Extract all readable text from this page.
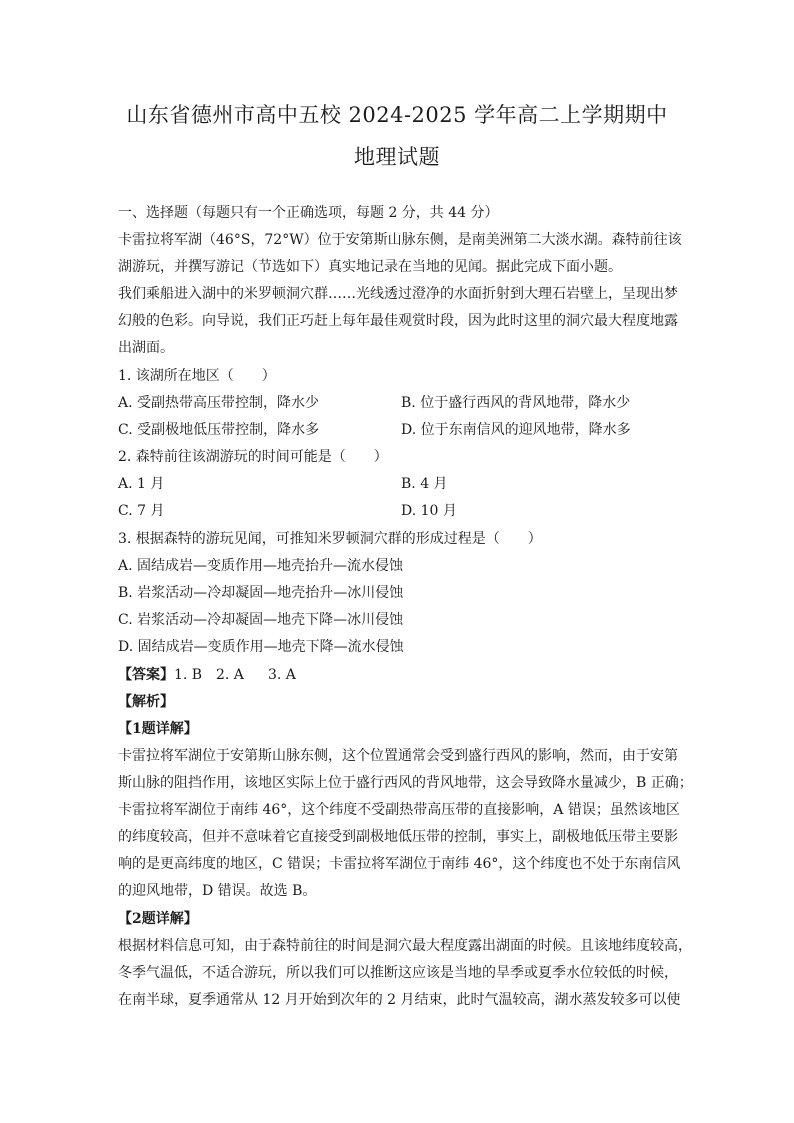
山东省德州市高中五校 2024-2025 学年高二上学期期中
地理试题
一、选择题（每题只有一个正确选项，每题 2 分，共 44 分）
卡雷拉将军湖（46°S，72°W）位于安第斯山脉东侧，是南美洲第二大淡水湖。森特前往该
湖游玩，并撰写游记（节选如下）真实地记录在当地的见闻。据此完成下面小题。
我们乘船进入湖中的米罗顿洞穴群……光线透过澄净的水面折射到大理石岩壁上，呈现出梦
幻般的色彩。向导说，我们正巧赶上每年最佳观赏时段，因为此时这里的洞穴最大程度地露
出湖面。
1. 该湖所在地区（　　）
A. 受副热带高压带控制，降水少	B. 位于盛行西风的背风地带，降水少
C. 受副极地低压带控制，降水多	D. 位于东南信风的迎风地带，降水多
2. 森特前往该湖游玩的时间可能是（　　）
A. 1 月	B. 4 月
C. 7 月	D. 10 月
3. 根据森特的游玩见闻，可推知米罗顿洞穴群的形成过程是（　　）
A. 固结成岩—变质作用—地壳抬升—流水侵蚀
B. 岩浆活动—冷却凝固—地壳抬升—冰川侵蚀
C. 岩浆活动—冷却凝固—地壳下降—冰川侵蚀
D. 固结成岩—变质作用—地壳下降—流水侵蚀
【答案】1. B 2. A 3. A
【解析】
【1题详解】
卡雷拉将军湖位于安第斯山脉东侧，这个位置通常会受到盛行西风的影响，然而，由于安第
斯山脉的阻挡作用，该地区实际上位于盛行西风的背风地带，这会导致降水量减少，B 正确；
卡雷拉将军湖位于南纬 46°，这个纬度不受副热带高压带的直接影响，A 错误；虽然该地区
的纬度较高，但并不意味着它直接受到副极地低压带的控制，事实上，副极地低压带主要影
响的是更高纬度的地区，C 错误；卡雷拉将军湖位于南纬 46°，这个纬度也不处于东南信风
的迎风地带，D 错误。故选 B。
【2题详解】
根据材料信息可知，由于森特前往的时间是洞穴最大程度露出湖面的时候。且该地纬度较高，
冬季气温低，不适合游玩，所以我们可以推断这应该是当地的旱季或夏季水位较低的时候，
在南半球，夏季通常从 12 月开始到次年的 2 月结束，此时气温较高，湖水蒸发较多可以使
